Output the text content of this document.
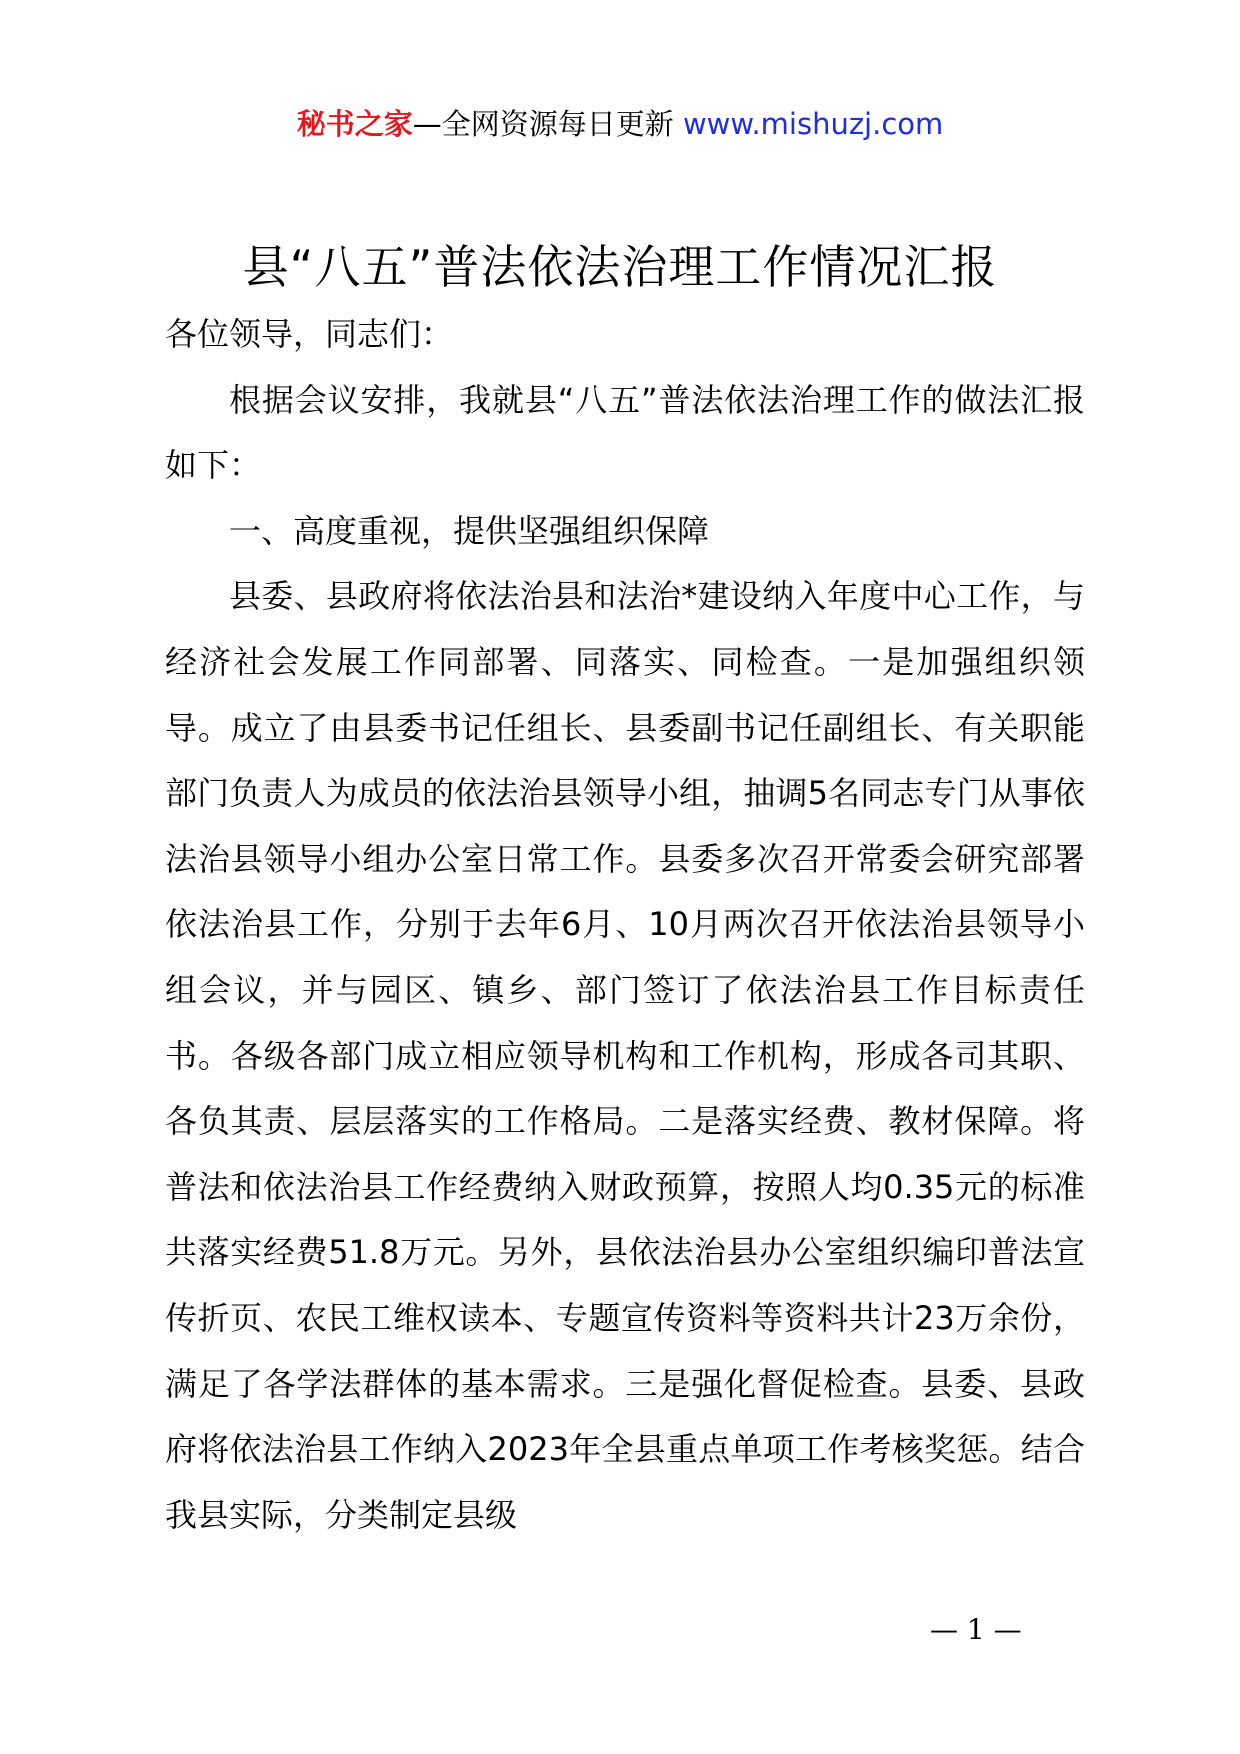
秘书之家—全网资源每日更新 www.mishuzj.com
县“八五”普法依法治理工作情况汇报

各位领导，同志们：

根据会议安排，我就县“八五”普法依法治理工作的做法汇报如下：

一、高度重视，提供坚强组织保障

县委、县政府将依法治县和法治*建设纳入年度中心工作，与经济社会发展工作同部署、同落实、同检查。一是加强组织领导。成立了由县委书记任组长、县委副书记任副组长、有关职能部门负责人为成员的依法治县领导小组，抽调5名同志专门从事依法治县领导小组办公室日常工作。县委多次召开常委会研究部署依法治县工作，分别于去年6月、10月两次召开依法治县领导小组会议，并与园区、镇乡、部门签订了依法治县工作目标责任书。各级各部门成立相应领导机构和工作机构，形成各司其职、各负其责、层层落实的工作格局。二是落实经费、教材保障。将普法和依法治县工作经费纳入财政预算，按照人均0.35元的标准共落实经费51.8万元。另外，县依法治县办公室组织编印普法宣传折页、农民工维权读本、专题宣传资料等资料共计23万余份，满足了各学法群体的基本需求。三是强化督促检查。县委、县政府将依法治县工作纳入2023年全县重点单项工作考核奖惩。结合我县实际，分类制定县级

— 1 —
